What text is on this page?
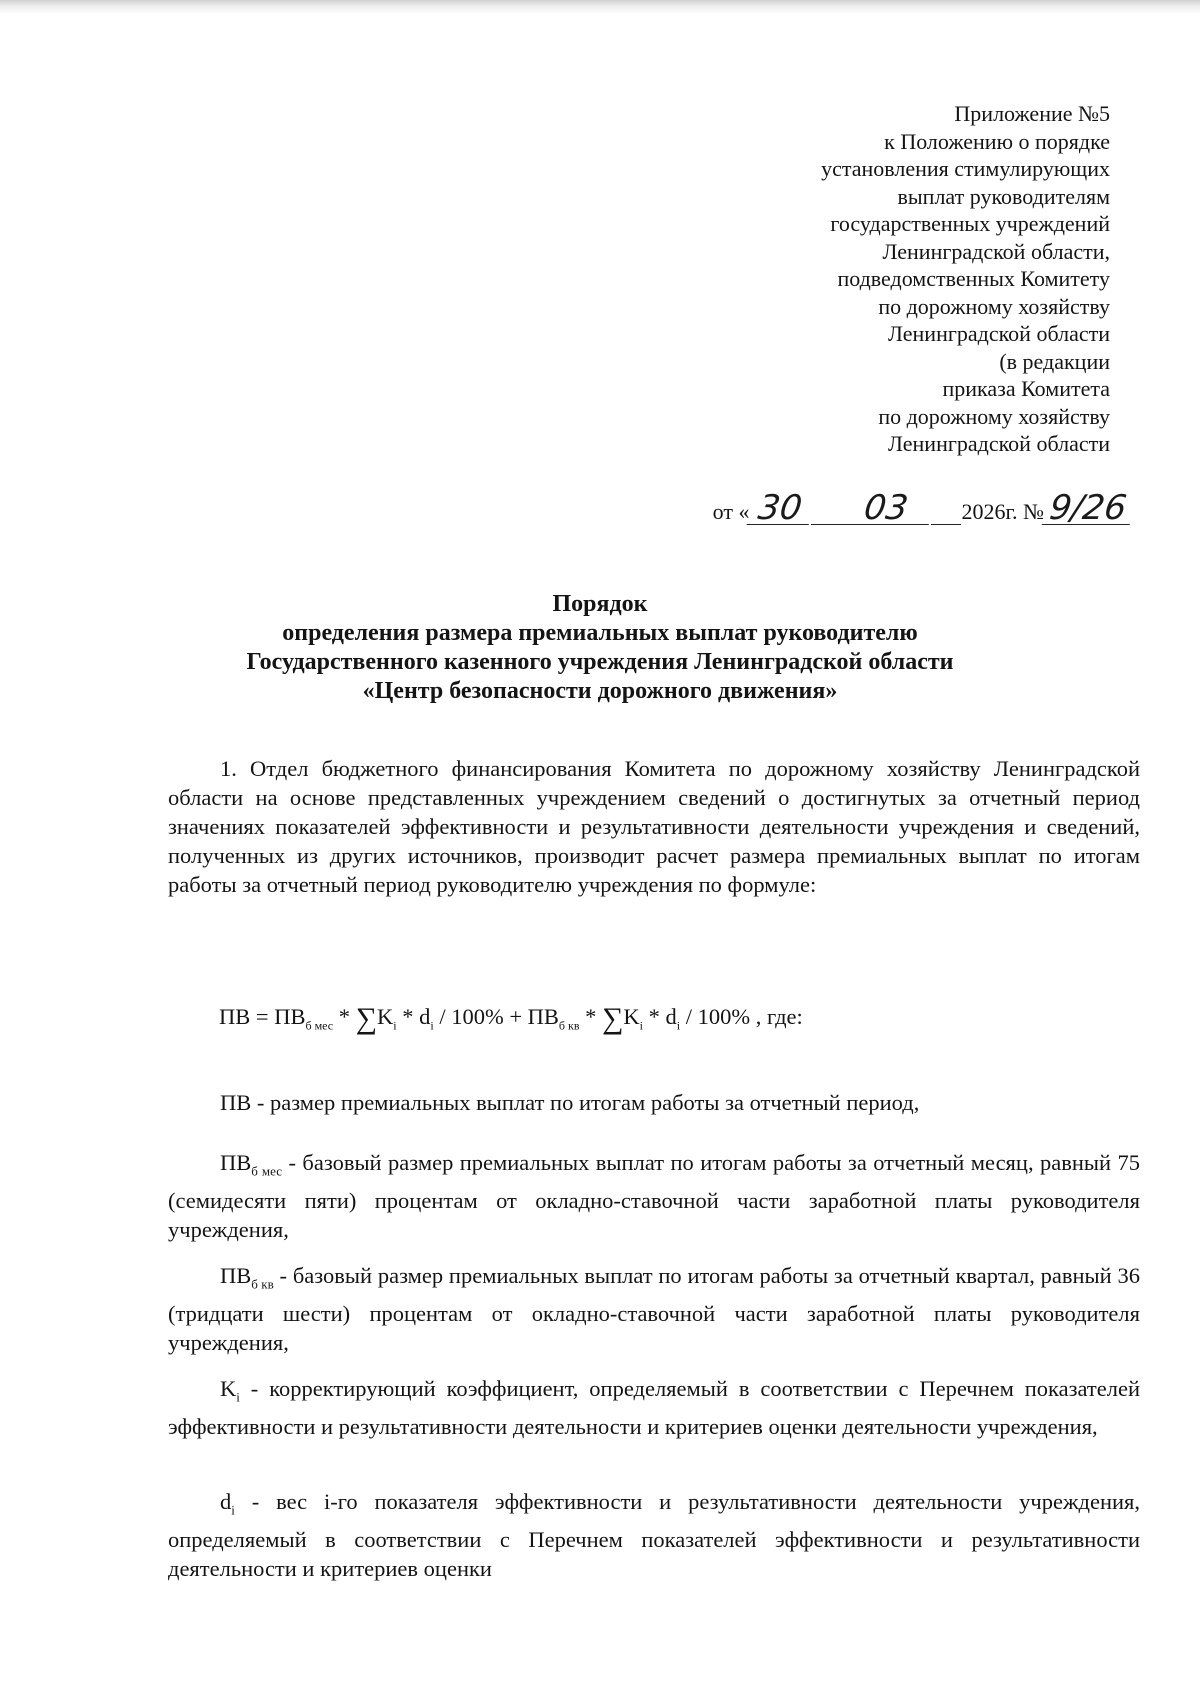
Приложение №5
к Положению о порядке
установления стимулирующих
выплат руководителям
государственных учреждений
Ленинградской области,
подведомственных Комитету
по дорожному хозяйству
Ленинградской области
(в редакции
приказа Комитета
по дорожному хозяйству
Ленинградской области
от « 30	03	2026г. № 9/26
Порядок
определения размера премиальных выплат руководителю
Государственного казенного учреждения Ленинградской области
«Центр безопасности дорожного движения»

1. Отдел бюджетного финансирования Комитета по дорожному хозяйству Ленинградской области на основе представленных учреждением сведений о достигнутых за отчетный период значениях показателей эффективности и результативности деятельности учреждения и сведений, полученных из других источников, производит расчет размера премиальных выплат по итогам работы за отчетный период руководителю учреждения по формуле:

ПВ = $ПВ_{б мес} * \sum K_i * d_i / 100\% + ПВ_{б кв} * \sum K_i * d_i / 100\%$ , где:

ПВ - размер премиальных выплат по итогам работы за отчетный период,

$ПВ_{б мес}$ - базовый размер премиальных выплат по итогам работы за отчетный месяц, равный 75 (семидесяти пяти) процентам от окладно-ставочной части заработной платы руководителя учреждения,

$ПВ_{б кв}$ - базовый размер премиальных выплат по итогам работы за отчетный квартал, равный 36 (тридцати шести) процентам от окладно-ставочной части заработной платы руководителя учреждения,

$K_i$ - корректирующий коэффициент, определяемый в соответствии с Перечнем показателей эффективности и результативности деятельности и критериев оценки деятельности учреждения,

$d_i$ - вес i-го показателя эффективности и результативности деятельности учреждения, определяемый в соответствии с Перечнем показателей эффективности и результативности деятельности и критериев оценки
